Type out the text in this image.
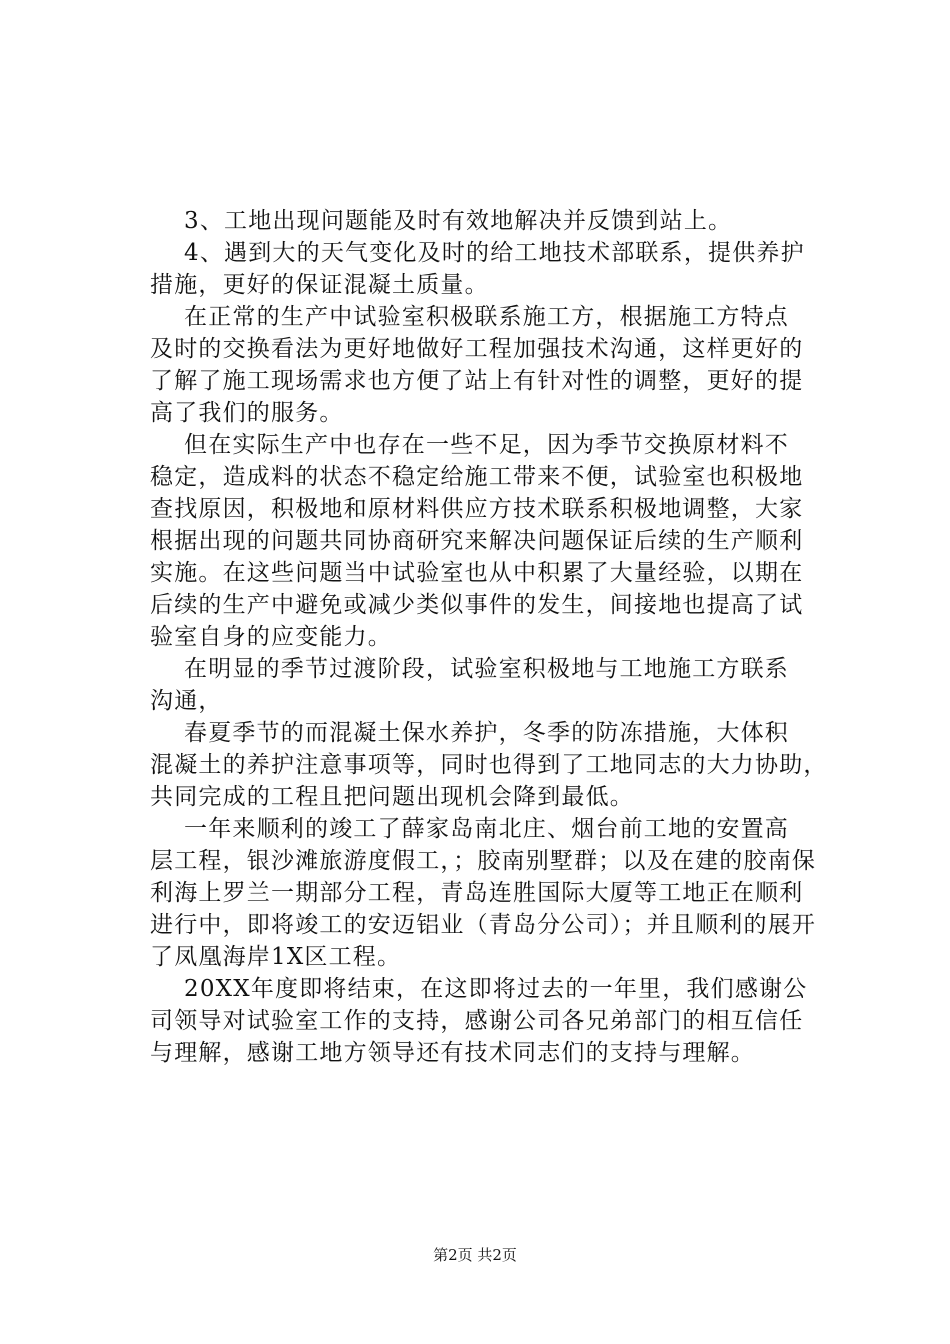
3、工地出现问题能及时有效地解决并反馈到站上。
4、遇到大的天气变化及时的给工地技术部联系，提供养护
措施，更好的保证混凝土质量。
在正常的生产中试验室积极联系施工方，根据施工方特点
及时的交换看法为更好地做好工程加强技术沟通，这样更好的
了解了施工现场需求也方便了站上有针对性的调整，更好的提
高了我们的服务。
但在实际生产中也存在一些不足，因为季节交换原材料不
稳定，造成料的状态不稳定给施工带来不便，试验室也积极地
查找原因，积极地和原材料供应方技术联系积极地调整，大家
根据出现的问题共同协商研究来解决问题保证后续的生产顺利
实施。在这些问题当中试验室也从中积累了大量经验，以期在
后续的生产中避免或减少类似事件的发生，间接地也提高了试
验室自身的应变能力。
在明显的季节过渡阶段，试验室积极地与工地施工方联系
沟通，
春夏季节的而混凝土保水养护，冬季的防冻措施，大体积
混凝土的养护注意事项等，同时也得到了工地同志的大力协助，
共同完成的工程且把问题出现机会降到最低。
一年来顺利的竣工了薛家岛南北庄、烟台前工地的安置高
层工程，银沙滩旅游度假工，；胶南别墅群；以及在建的胶南保
利海上罗兰一期部分工程，青岛连胜国际大厦等工地正在顺利
进行中，即将竣工的安迈铝业（青岛分公司）；并且顺利的展开
了凤凰海岸1X区工程。
20XX年度即将结束，在这即将过去的一年里，我们感谢公
司领导对试验室工作的支持，感谢公司各兄弟部门的相互信任
与理解，感谢工地方领导还有技术同志们的支持与理解。
第2页 共2页
